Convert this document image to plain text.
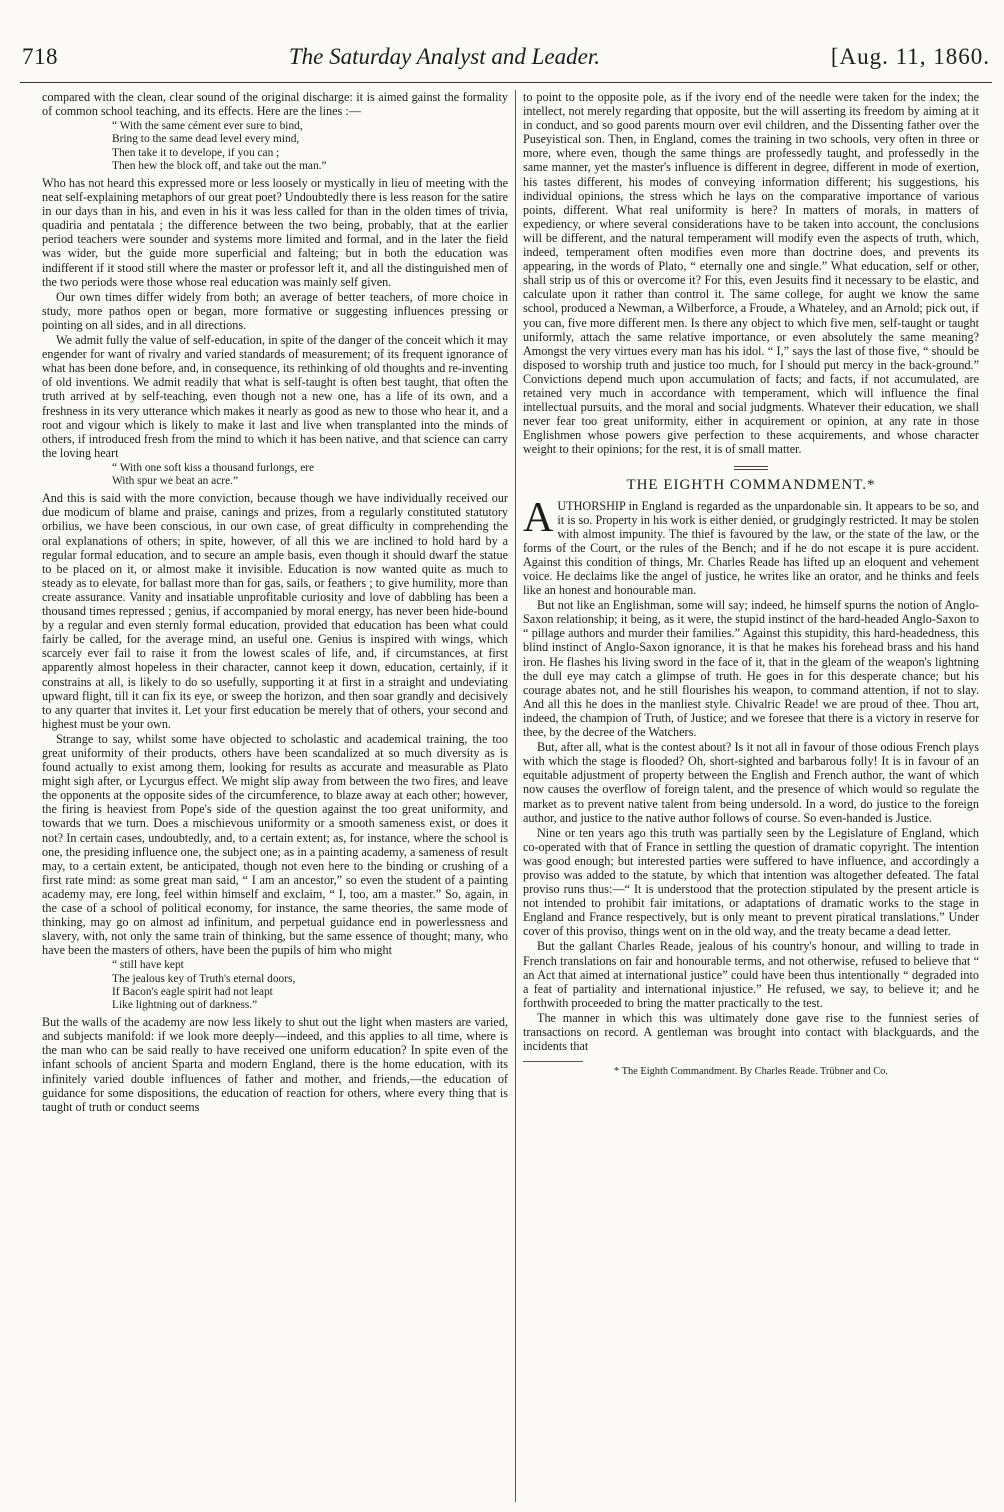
718	The Saturday Analyst and Leader.	[Aug. 11, 1860.

compared with the clean, clear sound of the original discharge: it is aimed gainst the formality of common school teaching, and its effects. Here are the lines :—

“ With the same cément ever sure to bind,
Bring to the same dead level every mind,
Then take it to develope, if you can ;
Then hew the block off, and take out the man.”

Who has not heard this expressed more or less loosely or mystically in lieu of meeting with the neat self-explaining metaphors of our great poet? Undoubtedly there is less reason for the satire in our days than in his, and even in his it was less called for than in the olden times of trivia, quadiria and pentatala ; the difference between the two being, probably, that at the earlier period teachers were sounder and systems more limited and formal, and in the later the field was wider, but the guide more superficial and falteing; but in both the education was indifferent if it stood still where the master or professor left it, and all the distinguished men of the two periods were those whose real education was mainly self given.

Our own times differ widely from both; an average of better teachers, of more choice in study, more pathos open or began, more formative or suggesting influences pressing or pointing on all sides, and in all directions.

We admit fully the value of self-education, in spite of the danger of the conceit which it may engender for want of rivalry and varied standards of measurement; of its frequent ignorance of what has been done before, and, in consequence, its rethinking of old thoughts and re-inventing of old inventions. We admit readily that what is self-taught is often best taught, that often the truth arrived at by self-teaching, even though not a new one, has a life of its own, and a freshness in its very utterance which makes it nearly as good as new to those who hear it, and a root and vigour which is likely to make it last and live when transplanted into the minds of others, if introduced fresh from the mind to which it has been native, and that science can carry the loving heart

“ With one soft kiss a thousand furlongs, ere
With spur we beat an acre.”

And this is said with the more conviction, because though we have individually received our due modicum of blame and praise, canings and prizes, from a regularly constituted statutory orbilius, we have been conscious, in our own case, of great difficulty in comprehending the oral explanations of others; in spite, however, of all this we are inclined to hold hard by a regular formal education, and to secure an ample basis, even though it should dwarf the statue to be placed on it, or almost make it invisible. Education is now wanted quite as much to steady as to elevate, for ballast more than for gas, sails, or feathers ; to give humility, more than create assurance. Vanity and insatiable unprofitable curiosity and love of dabbling has been a thousand times repressed ; genius, if accompanied by moral energy, has never been hide-bound by a regular and even sternly formal education, provided that education has been what could fairly be called, for the average mind, an useful one. Genius is inspired with wings, which scarcely ever fail to raise it from the lowest scales of life, and, if circumstances, at first apparently almost hopeless in their character, cannot keep it down, education, certainly, if it constrains at all, is likely to do so usefully, supporting it at first in a straight and undeviating upward flight, till it can fix its eye, or sweep the horizon, and then soar grandly and decisively to any quarter that invites it. Let your first education be merely that of others, your second and highest must be your own.

Strange to say, whilst some have objected to scholastic and academical training, the too great uniformity of their products, others have been scandalized at so much diversity as is found actually to exist among them, looking for results as accurate and measurable as Plato might sigh after, or Lycurgus effect. We might slip away from between the two fires, and leave the opponents at the opposite sides of the circumference, to blaze away at each other; however, the firing is heaviest from Pope's side of the question against the too great uniformity, and towards that we turn. Does a mischievous uniformity or a smooth sameness exist, or does it not? In certain cases, undoubtedly, and, to a certain extent; as, for instance, where the school is one, the presiding influence one, the subject one; as in a painting academy, a sameness of result may, to a certain extent, be anticipated, though not even here to the binding or crushing of a first rate mind: as some great man said, “ I am an ancestor,” so even the student of a painting academy may, ere long, feel within himself and exclaim, “ I, too, am a master.” So, again, in the case of a school of political economy, for instance, the same theories, the same mode of thinking, may go on almost ad infinitum, and perpetual guidance end in powerlessness and slavery, with, not only the same train of thinking, but the same essence of thought; many, who have been the masters of others, have been the pupils of him who might

“ still have kept
The jealous key of Truth's eternal doors,
If Bacon's eagle spirit had not leapt
Like lightning out of darkness.”

But the walls of the academy are now less likely to shut out the light when masters are varied, and subjects manifold: if we look more deeply—indeed, and this applies to all time, where is the man who can be said really to have received one uniform education? In spite even of the infant schools of ancient Sparta and modern England, there is the home education, with its infinitely varied double influences of father and mother, and friends,—the education of guidance for some dispositions, the education of reaction for others, where every thing that is taught of truth or conduct seems

to point to the opposite pole, as if the ivory end of the needle were taken for the index; the intellect, not merely regarding that opposite, but the will asserting its freedom by aiming at it in conduct, and so good parents mourn over evil children, and the Dissenting father over the Puseyistical son. Then, in England, comes the training in two schools, very often in three or more, where even, though the same things are professedly taught, and professedly in the same manner, yet the master's influence is different in degree, different in mode of exertion, his tastes different, his modes of conveying information different; his suggestions, his individual opinions, the stress which he lays on the comparative importance of various points, different. What real uniformity is here? In matters of morals, in matters of expediency, or where several considerations have to be taken into account, the conclusions will be different, and the natural temperament will modify even the aspects of truth, which, indeed, temperament often modifies even more than doctrine does, and prevents its appearing, in the words of Plato, “ eternally one and single.” What education, self or other, shall strip us of this or overcome it? For this, even Jesuits find it necessary to be elastic, and calculate upon it rather than control it. The same college, for aught we know the same school, produced a Newman, a Wilberforce, a Froude, a Whateley, and an Arnold; pick out, if you can, five more different men. Is there any object to which five men, self-taught or taught uniformly, attach the same relative importance, or even absolutely the same meaning? Amongst the very virtues every man has his idol. “ I,” says the last of those five, “ should be disposed to worship truth and justice too much, for I should put mercy in the back-ground.” Convictions depend much upon accumulation of facts; and facts, if not accumulated, are retained very much in accordance with temperament, which will influence the final intellectual pursuits, and the moral and social judgments. Whatever their education, we shall never fear too great uniformity, either in acquirement or opinion, at any rate in those Englishmen whose powers give perfection to these acquirements, and whose character weight to their opinions; for the rest, it is of small matter.

THE EIGHTH COMMANDMENT.*

AUTHORSHIP in England is regarded as the unpardonable sin. It appears to be so, and it is so. Property in his work is either denied, or grudgingly restricted. It may be stolen with almost impunity. The thief is favoured by the law, or the state of the law, or the forms of the Court, or the rules of the Bench; and if he do not escape it is pure accident. Against this condition of things, Mr. Charles Reade has lifted up an eloquent and vehement voice. He declaims like the angel of justice, he writes like an orator, and he thinks and feels like an honest and honourable man.

But not like an Englishman, some will say; indeed, he himself spurns the notion of Anglo-Saxon relationship; it being, as it were, the stupid instinct of the hard-headed Anglo-Saxon to “ pillage authors and murder their families.” Against this stupidity, this hard-headedness, this blind instinct of Anglo-Saxon ignorance, it is that he makes his forehead brass and his hand iron. He flashes his living sword in the face of it, that in the gleam of the weapon's lightning the dull eye may catch a glimpse of truth. He goes in for this desperate chance; but his courage abates not, and he still flourishes his weapon, to command attention, if not to slay. And all this he does in the manliest style. Chivalric Reade! we are proud of thee. Thou art, indeed, the champion of Truth, of Justice; and we foresee that there is a victory in reserve for thee, by the decree of the Watchers.

But, after all, what is the contest about? Is it not all in favour of those odious French plays with which the stage is flooded? Oh, short-sighted and barbarous folly! It is in favour of an equitable adjustment of property between the English and French author, the want of which now causes the overflow of foreign talent, and the presence of which would so regulate the market as to prevent native talent from being undersold. In a word, do justice to the foreign author, and justice to the native author follows of course. So even-handed is Justice.

Nine or ten years ago this truth was partially seen by the Legislature of England, which co-operated with that of France in settling the question of dramatic copyright. The intention was good enough; but interested parties were suffered to have influence, and accordingly a proviso was added to the statute, by which that intention was altogether defeated. The fatal proviso runs thus:—“ It is understood that the protection stipulated by the present article is not intended to prohibit fair imitations, or adaptations of dramatic works to the stage in England and France respectively, but is only meant to prevent piratical translations.” Under cover of this proviso, things went on in the old way, and the treaty became a dead letter.

But the gallant Charles Reade, jealous of his country's honour, and willing to trade in French translations on fair and honourable terms, and not otherwise, refused to believe that “ an Act that aimed at international justice” could have been thus intentionally “ degraded into a feat of partiality and international injustice.” He refused, we say, to believe it; and he forthwith proceeded to bring the matter practically to the test.

The manner in which this was ultimately done gave rise to the funniest series of transactions on record. A gentleman was brought into contact with blackguards, and the incidents that

* The Eighth Commandment. By Charles Reade. Trübner and Co.
